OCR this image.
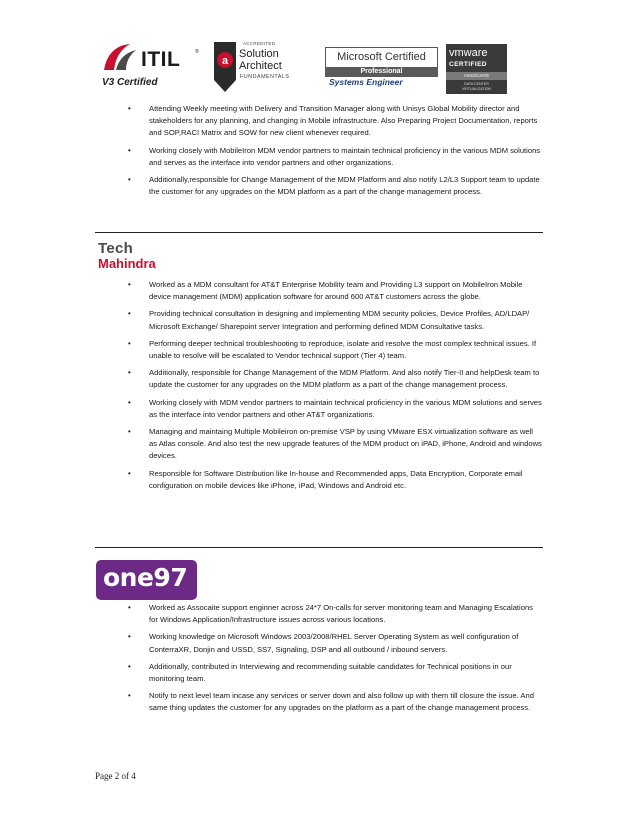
ITIL	®
V3 Certified
a
ACCREDITED
Solution
Architect
FUNDAMENTALS
Microsoft Certified
Professional
Systems Engineer
vmware
CERTIFIED
ASSOCIATE
DATA CENTER
VIRTUALIZATION
• Attending Weekly meeting with Delivery and Transition Manager along with Unisys Global Mobility director and stakeholders for any planning, and changing in Mobile infrastructure. Also Preparing Project Documentation, reports and SOP,RACI Matrix and SOW for new client whenever required.
• Working closely with MobileIron MDM vendor partners to maintain technical proficiency in the various MDM solutions and serves as the interface into vendor partners and other organizations.
• Additionally,responsible for Change Management of the MDM Platform and also notify L2/L3 Support team to update the customer for any upgrades on the MDM platform as a part of the change management process.
Tech
Mahindra
• Worked as a MDM consultant for AT&T Enterprise Mobility team and Providing L3 support on MobileIron Mobile device management (MDM) application software for around 600 AT&T customers across the globe.
• Providing technical consultation in designing and implementing MDM security policies, Device Profiles, AD/LDAP/ Microsoft Exchange/ Sharepoint server Integration and performing defined MDM Consultative tasks.
• Performing deeper technical troubleshooting to reproduce, isolate and resolve the most complex technical issues. If unable to resolve will be escalated to Vendor technical support (Tier 4) team.
• Additionally, responsible for Change Management of the MDM Platform. And also notify Tier-II and helpDesk team to update the customer for any upgrades on the MDM platform as a part of the change management process.
• Working closely with MDM vendor partners to maintain technical proficiency in the various MDM solutions and serves as the interface into vendor partners and other AT&T organizations.
• Managing and maintaing Multiple Mobileiron on-premise VSP by using VMware ESX virtualization software as well as Atlas console. And also test the new upgrade features of the MDM product on iPAD, iPhone, Android and windows devices.
• Responsible for Software Distribution like In-house and Recommended apps, Data Encryption, Corporate email configuration on mobile devices like iPhone, iPad, Windows and Android etc.
one97
• Worked as Assocaite support enginner across 24*7 On-calls for server monitoring team and Managing Escalations for Windows Application/Infrastructure issues across various locations.
• Working knowledge on Microsoft Windows 2003/2008/RHEL Server Operating System as well configuration of ConterraXR, Donjin and USSD, SS7, Signaling, DSP and all outbound / inbound servers.
• Additionally, contributed in Interviewing and recommending suitable candidates for Technical positions in our monitoring team.
• Notify to next level team incase any services or server down and also follow up with them till closure the issue. And same thing updates the customer for any upgrades on the platform as a part of the change management process.
Page 2 of 4
